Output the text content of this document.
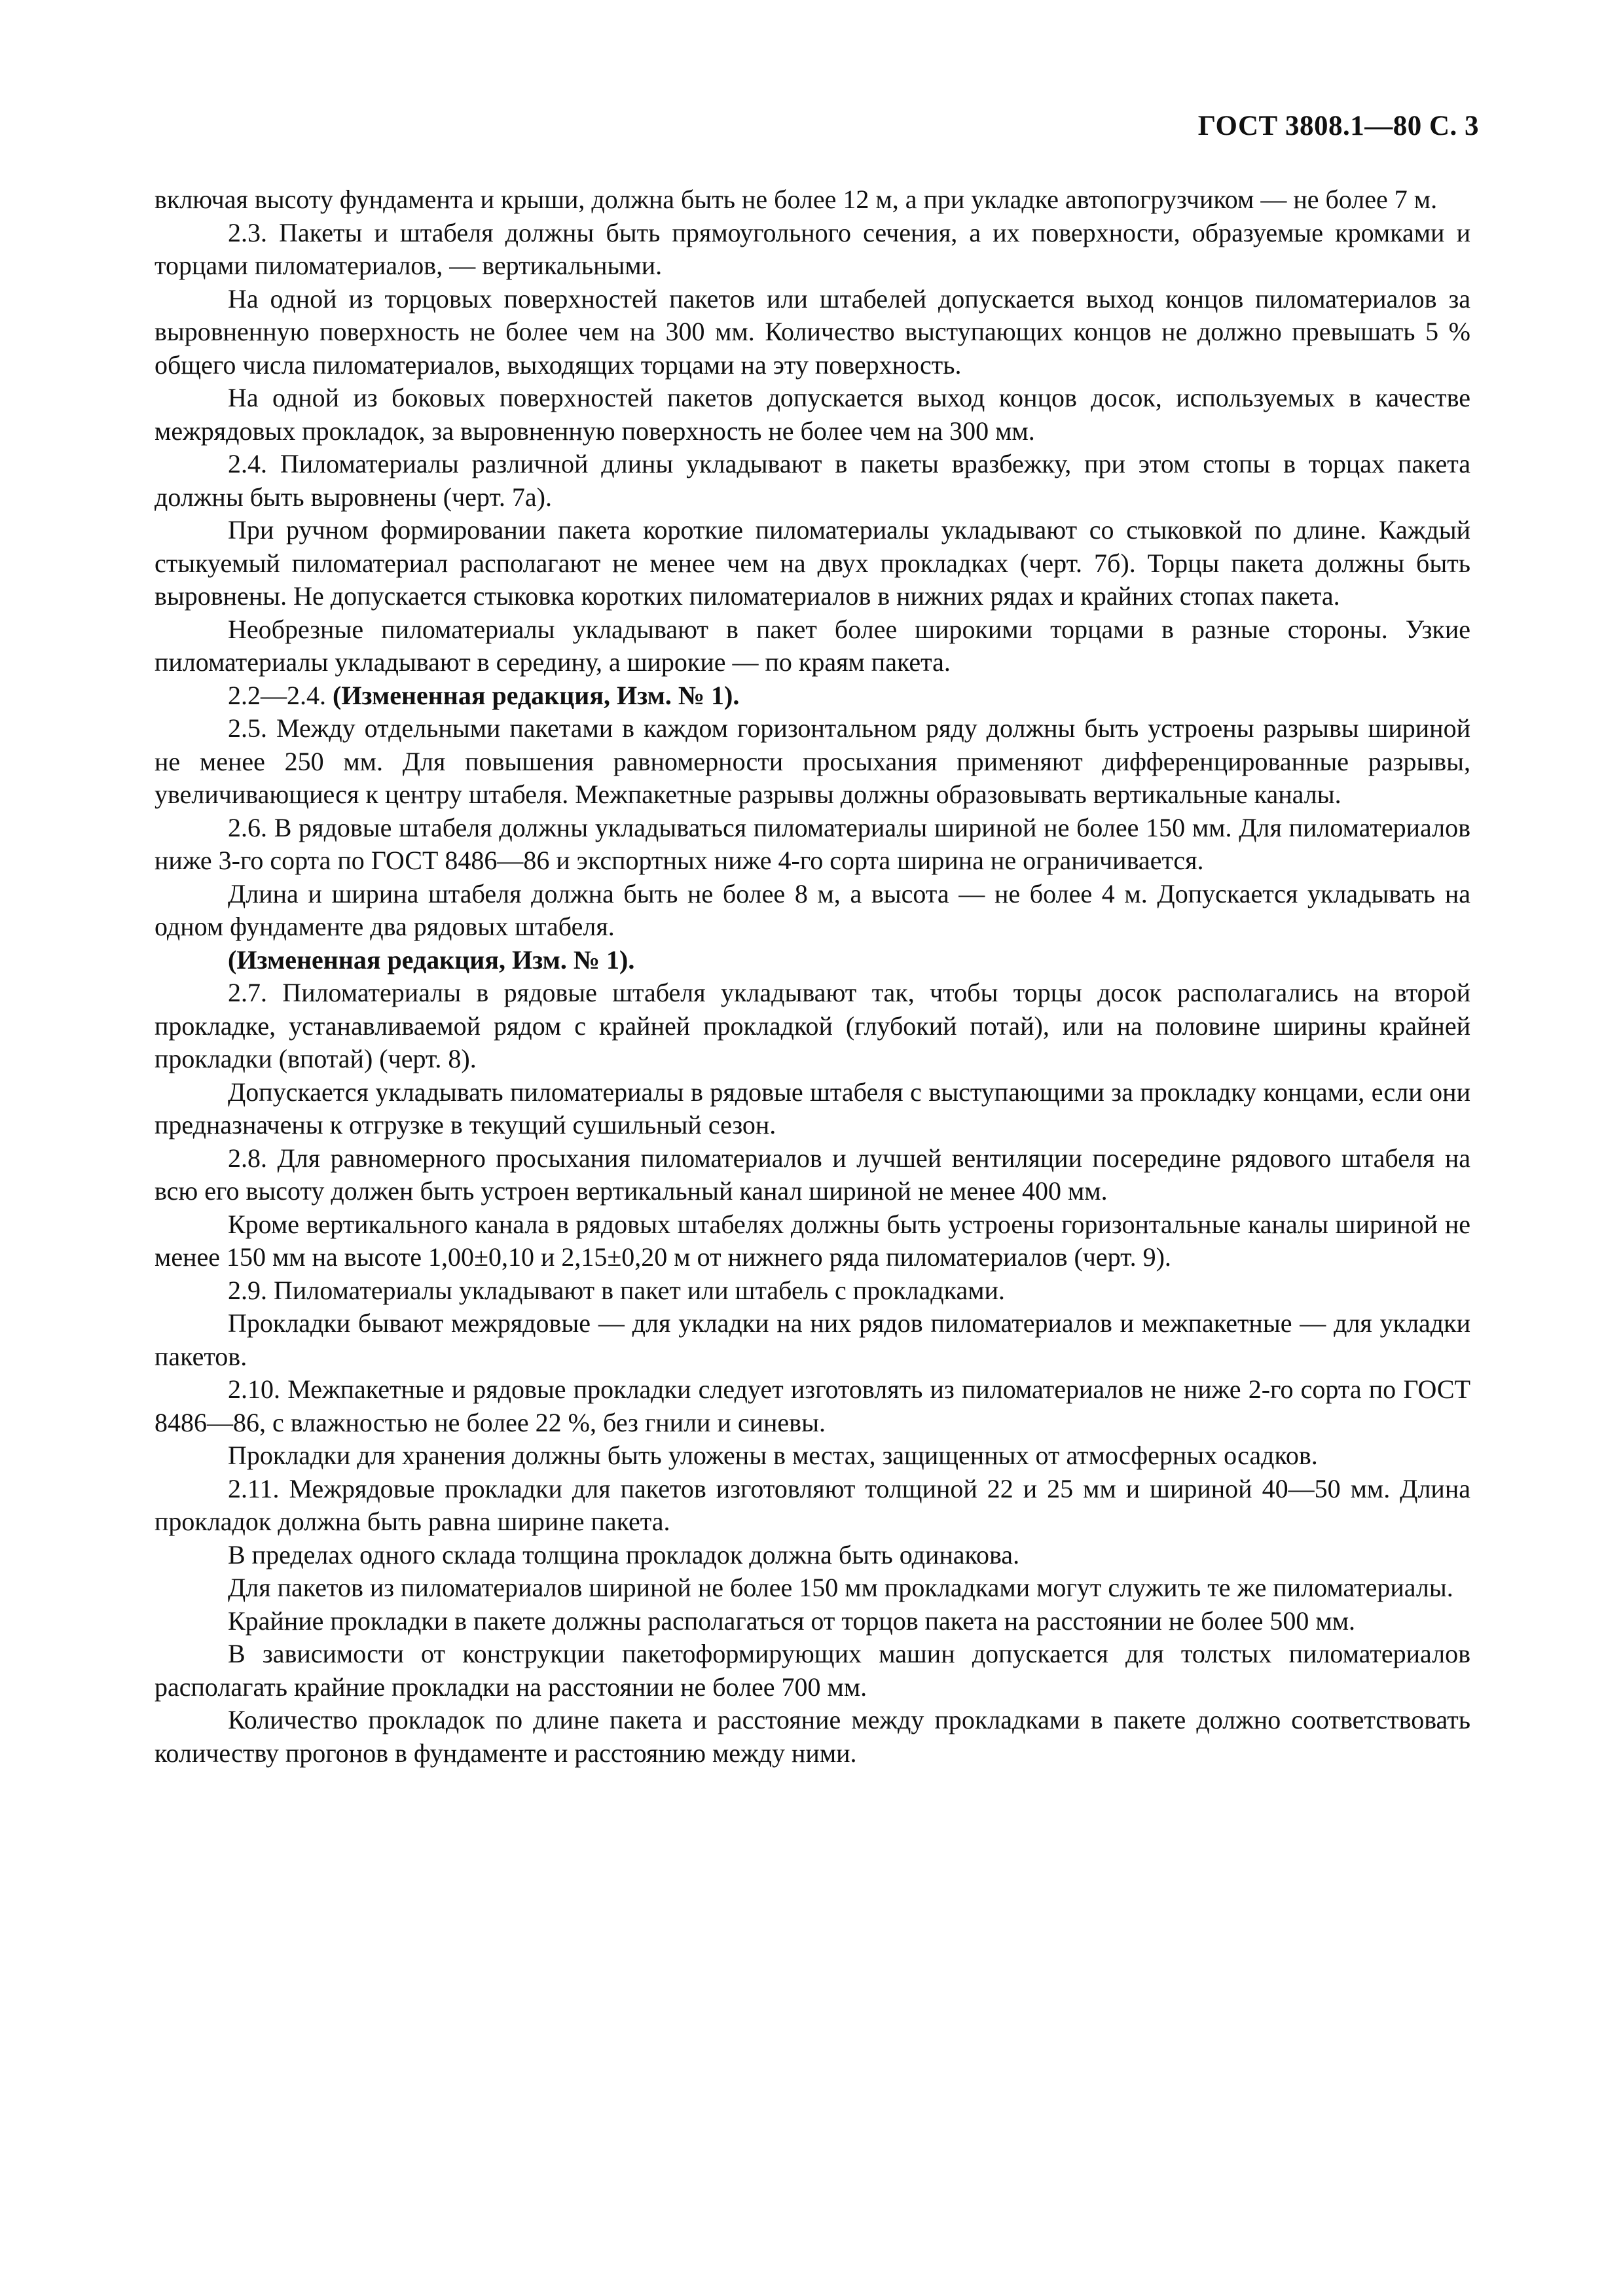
ГОСТ 3808.1—80 С. 3

включая высоту фундамента и крыши, должна быть не более 12 м, а при укладке автопогрузчиком — не более 7 м.

2.3. Пакеты и штабеля должны быть прямоугольного сечения, а их поверхности, образуемые кромками и торцами пиломатериалов, — вертикальными.

На одной из торцовых поверхностей пакетов или штабелей допускается выход концов пиломатериалов за выровненную поверхность не более чем на 300 мм. Количество выступающих концов не должно превышать 5 % общего числа пиломатериалов, выходящих торцами на эту поверхность.

На одной из боковых поверхностей пакетов допускается выход концов досок, используемых в качестве межрядовых прокладок, за выровненную поверхность не более чем на 300 мм.

2.4. Пиломатериалы различной длины укладывают в пакеты вразбежку, при этом стопы в торцах пакета должны быть выровнены (черт. 7а).

При ручном формировании пакета короткие пиломатериалы укладывают со стыковкой по длине. Каждый стыкуемый пиломатериал располагают не менее чем на двух прокладках (черт. 7б). Торцы пакета должны быть выровнены. Не допускается стыковка коротких пиломатериалов в нижних рядах и крайних стопах пакета.

Необрезные пиломатериалы укладывают в пакет более широкими торцами в разные стороны. Узкие пиломатериалы укладывают в середину, а широкие — по краям пакета.

2.2—2.4. (Измененная редакция, Изм. № 1).

2.5. Между отдельными пакетами в каждом горизонтальном ряду должны быть устроены разрывы шириной не менее 250 мм. Для повышения равномерности просыхания применяют дифференцированные разрывы, увеличивающиеся к центру штабеля. Межпакетные разрывы должны образовывать вертикальные каналы.

2.6. В рядовые штабеля должны укладываться пиломатериалы шириной не более 150 мм. Для пиломатериалов ниже 3-го сорта по ГОСТ 8486—86 и экспортных ниже 4-го сорта ширина не ограничивается.

Длина и ширина штабеля должна быть не более 8 м, а высота — не более 4 м. Допускается укладывать на одном фундаменте два рядовых штабеля.

(Измененная редакция, Изм. № 1).

2.7. Пиломатериалы в рядовые штабеля укладывают так, чтобы торцы досок располагались на второй прокладке, устанавливаемой рядом с крайней прокладкой (глубокий потай), или на половине ширины крайней прокладки (впотай) (черт. 8).

Допускается укладывать пиломатериалы в рядовые штабеля с выступающими за прокладку концами, если они предназначены к отгрузке в текущий сушильный сезон.

2.8. Для равномерного просыхания пиломатериалов и лучшей вентиляции посередине рядового штабеля на всю его высоту должен быть устроен вертикальный канал шириной не менее 400 мм.

Кроме вертикального канала в рядовых штабелях должны быть устроены горизонтальные каналы шириной не менее 150 мм на высоте 1,00±0,10 и 2,15±0,20 м от нижнего ряда пиломатериалов (черт. 9).

2.9. Пиломатериалы укладывают в пакет или штабель с прокладками.

Прокладки бывают межрядовые — для укладки на них рядов пиломатериалов и межпакетные — для укладки пакетов.

2.10. Межпакетные и рядовые прокладки следует изготовлять из пиломатериалов не ниже 2-го сорта по ГОСТ 8486—86, с влажностью не более 22 %, без гнили и синевы.

Прокладки для хранения должны быть уложены в местах, защищенных от атмосферных осадков.

2.11. Межрядовые прокладки для пакетов изготовляют толщиной 22 и 25 мм и шириной 40—50 мм. Длина прокладок должна быть равна ширине пакета.

В пределах одного склада толщина прокладок должна быть одинакова.

Для пакетов из пиломатериалов шириной не более 150 мм прокладками могут служить те же пиломатериалы.

Крайние прокладки в пакете должны располагаться от торцов пакета на расстоянии не более 500 мм.

В зависимости от конструкции пакетоформирующих машин допускается для толстых пиломатериалов располагать крайние прокладки на расстоянии не более 700 мм.

Количество прокладок по длине пакета и расстояние между прокладками в пакете должно соответствовать количеству прогонов в фундаменте и расстоянию между ними.
